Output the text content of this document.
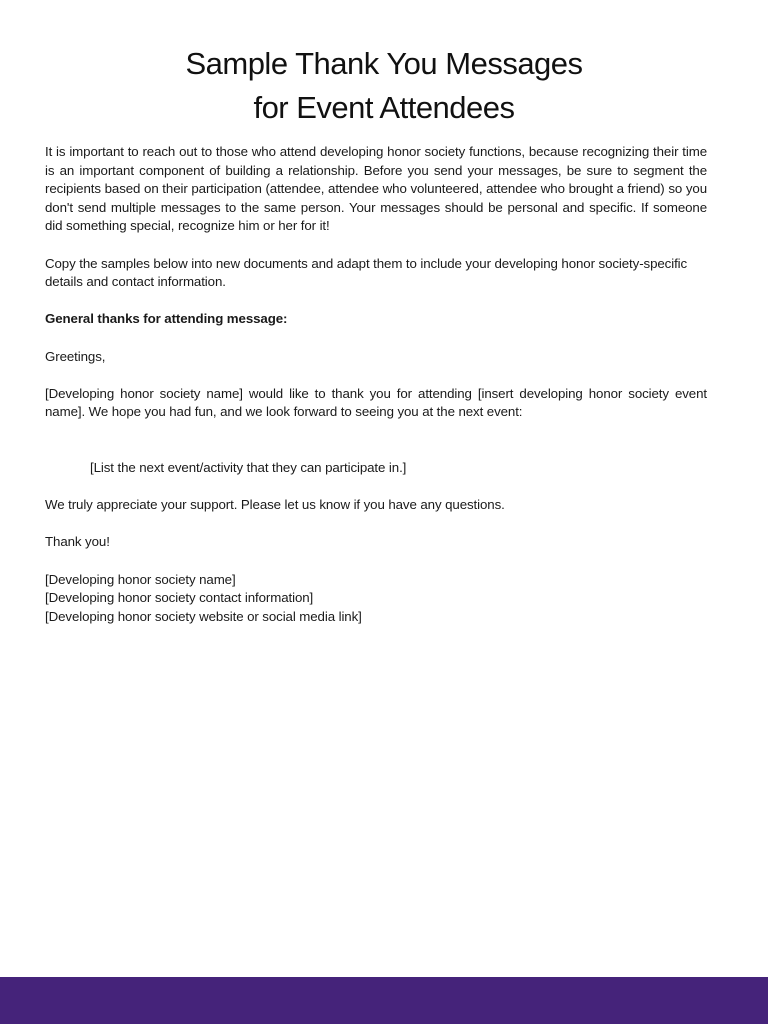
Sample Thank You Messages
for Event Attendees

It is important to reach out to those who attend developing honor society functions, because recognizing their time is an important component of building a relationship. Before you send your messages, be sure to segment the recipients based on their participation (attendee, attendee who volunteered, attendee who brought a friend) so you don't send multiple messages to the same person. Your messages should be personal and specific. If someone did something special, recognize him or her for it!

Copy the samples below into new documents and adapt them to include your developing honor society-specific details and contact information.

General thanks for attending message:

Greetings,

[Developing honor society name] would like to thank you for attending [insert developing honor society event name]. We hope you had fun, and we look forward to seeing you at the next event:

[List the next event/activity that they can participate in.]

We truly appreciate your support. Please let us know if you have any questions.

Thank you!

[Developing honor society name]

[Developing honor society contact information]

[Developing honor society website or social media link]
